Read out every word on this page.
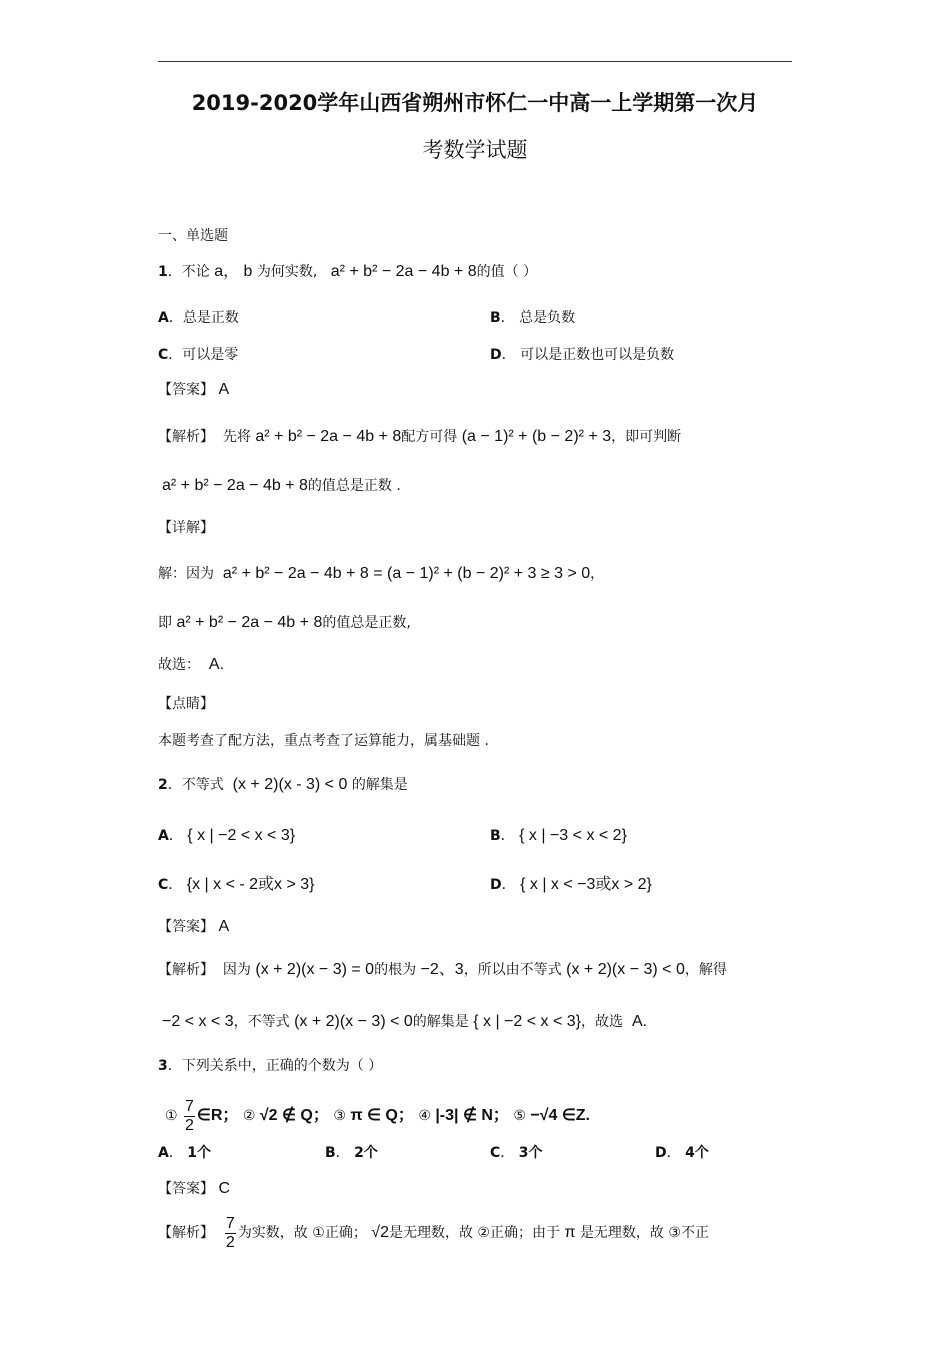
2019-2020学年山西省朔州市怀仁一中高一上学期第一次月
考数学试题
一、单选题
1．不论 a， b 为何实数, a² + b² − 2a − 4b + 8的值（ ）
A．总是正数	B． 总是负数
C．可以是零	D． 可以是正数也可以是负数
【答案】 A
【解析】 先将 a² + b² − 2a − 4b + 8配方可得 (a − 1)² + (b − 2)² + 3，即可判断
a² + b² − 2a − 4b + 8的值总是正数 .
【详解】
解：因为 a² + b² − 2a − 4b + 8 = (a − 1)² + (b − 2)² + 3 ≥ 3 > 0，
即 a² + b² − 2a − 4b + 8的值总是正数,
故选： A.
【点睛】
本题考查了配方法，重点考查了运算能力，属基础题 .
2．不等式 (x + 2)(x - 3) < 0 的解集是
A． { x | −2 < x < 3}	B． { x | −3 < x < 2}
C． {x | x < - 2或x > 3}	D． { x | x < −3或x > 2}
【答案】 A
【解析】 因为 (x + 2)(x − 3) = 0的根为 −2、3，所以由不等式 (x + 2)(x − 3) < 0，解得
−2 < x < 3，不等式 (x + 2)(x − 3) < 0的解集是 { x | −2 < x < 3}，故选 A.
3．下列关系中，正确的个数为（ ）
① $\frac{7}{2}$ ∈R； ② √2 ∉ Q； ③ π ∈ Q； ④ |-3| ∉ N； ⑤ −√4 ∈Z.
A． 1个	B． 2个	C． 3个	D． 4个
【答案】 C
【解析】 $\frac{7}{2}$ 为实数，故 ①正确； √2是无理数，故 ②正确；由于 π 是无理数，故 ③不正
